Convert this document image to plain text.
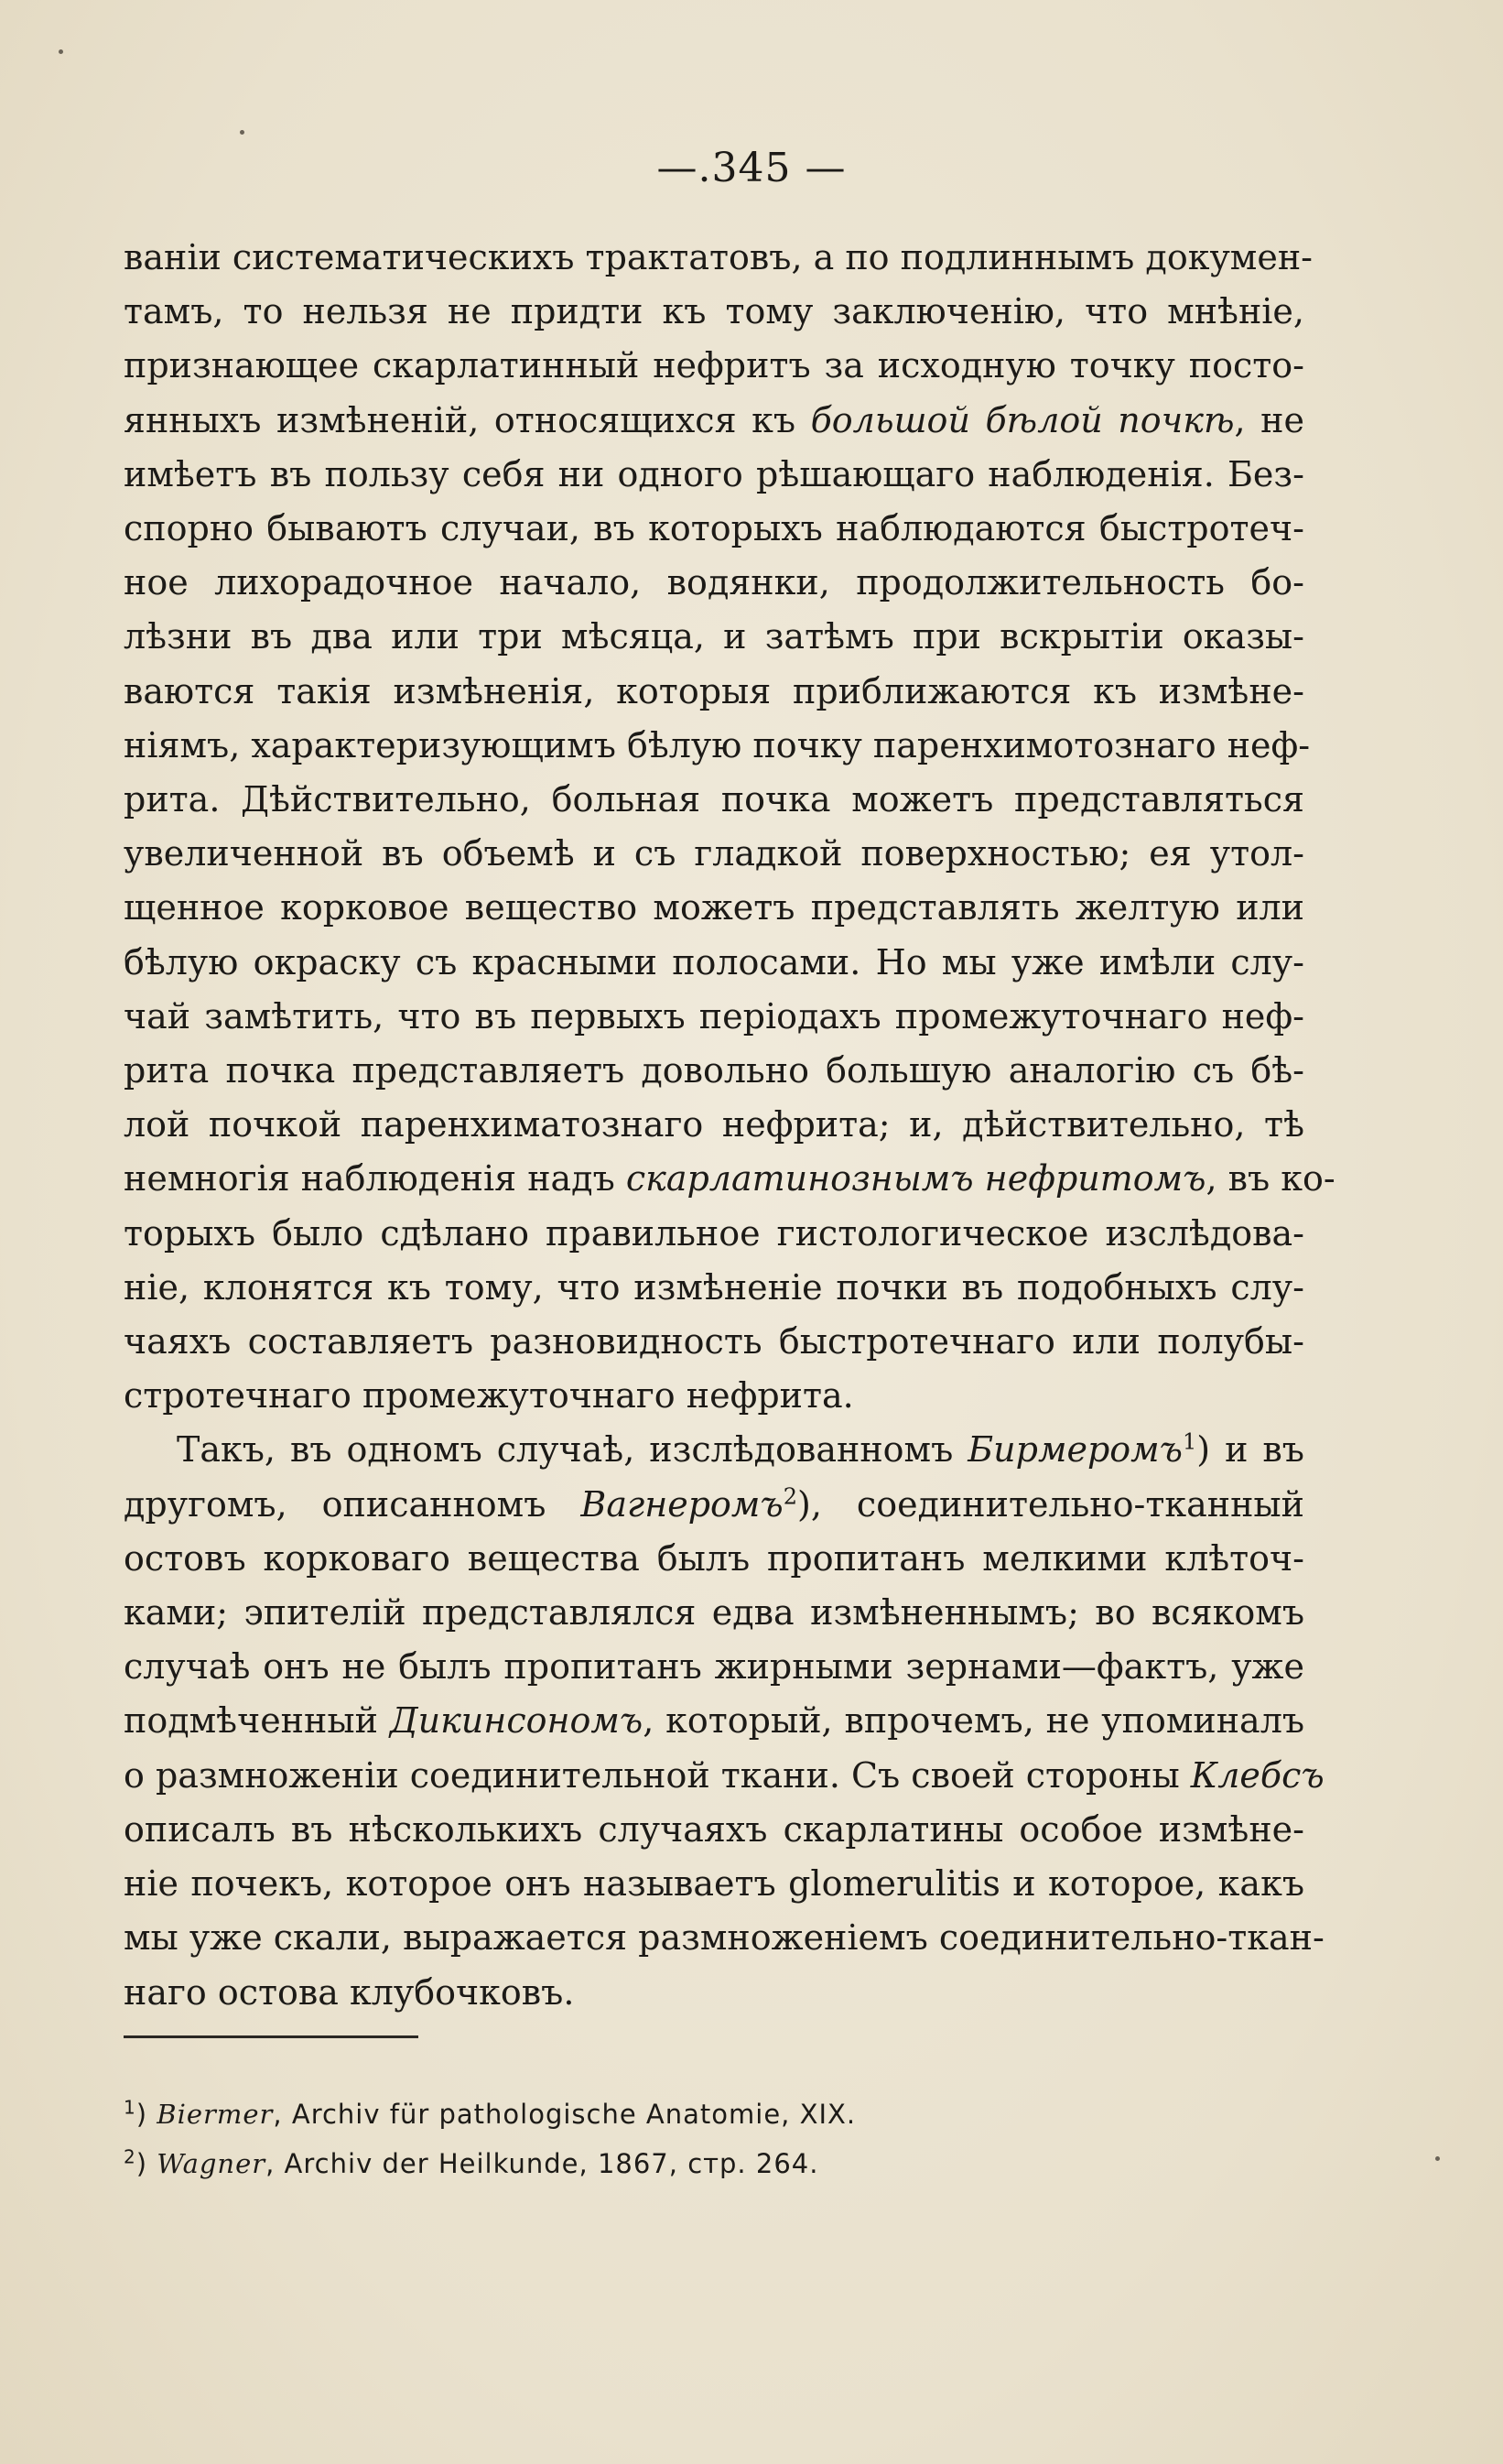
—.345 —
ваніи систематическихъ трактатовъ, а по подлиннымъ докумен-
тамъ, то нельзя не придти къ тому заключенію, что мнѣніе,
признающее скарлатинный нефритъ за исходную точку посто-
янныхъ измѣненій, относящихся къ большой бѣлой почкѣ, не
имѣетъ въ пользу себя ни одного рѣшающаго наблюденія. Без-
спорно бываютъ случаи, въ которыхъ наблюдаются быстротеч-
ное лихорадочное начало, водянки, продолжительность бо-
лѣзни въ два или три мѣсяца, и затѣмъ при вскрытіи оказы-
ваются такія измѣненія, которыя приближаются къ измѣне-
ніямъ, характеризующимъ бѣлую почку паренхимотознаго неф-
рита. Дѣйствительно, больная почка можетъ представляться
увеличенной въ объемѣ и съ гладкой поверхностью; ея утол-
щенное корковое вещество можетъ представлять желтую или
бѣлую окраску съ красными полосами. Но мы уже имѣли слу-
чай замѣтить, что въ первыхъ періодахъ промежуточнаго неф-
рита почка представляетъ довольно большую аналогію съ бѣ-
лой почкой паренхиматознаго нефрита; и, дѣйствительно, тѣ
немногія наблюденія надъ скарлатинознымъ нефритомъ, въ ко-
торыхъ было сдѣлано правильное гистологическое изслѣдова-
ніе, клонятся къ тому, что измѣненіе почки въ подобныхъ слу-
чаяхъ составляетъ разновидность быстротечнаго или полубы-
стротечнаго промежуточнаго нефрита.
Такъ, въ одномъ случаѣ, изслѣдованномъ Бирмеромъ$^1$) и въ
другомъ, описанномъ Вагнеромъ$^2$), соединительно-тканный
остовъ корковаго вещества былъ пропитанъ мелкими клѣточ-
ками; эпителій представлялся едва измѣненнымъ; во всякомъ
случаѣ онъ не былъ пропитанъ жирными зернами—фактъ, уже
подмѣченный Дикинсономъ, который, впрочемъ, не упоминалъ
о размноженіи соединительной ткани. Съ своей стороны Клебсъ
описалъ въ нѣсколькихъ случаяхъ скарлатины особое измѣне-
ніе почекъ, которое онъ называетъ glomerulitis и которое, какъ
мы уже скали, выражается размноженіемъ соединительно-ткан-
наго остова клубочковъ.
$^1$) Biermer, Archiv für pathologische Anatomie, XIX.
$^2$) Wagner, Archiv der Heilkunde, 1867, стр. 264.
